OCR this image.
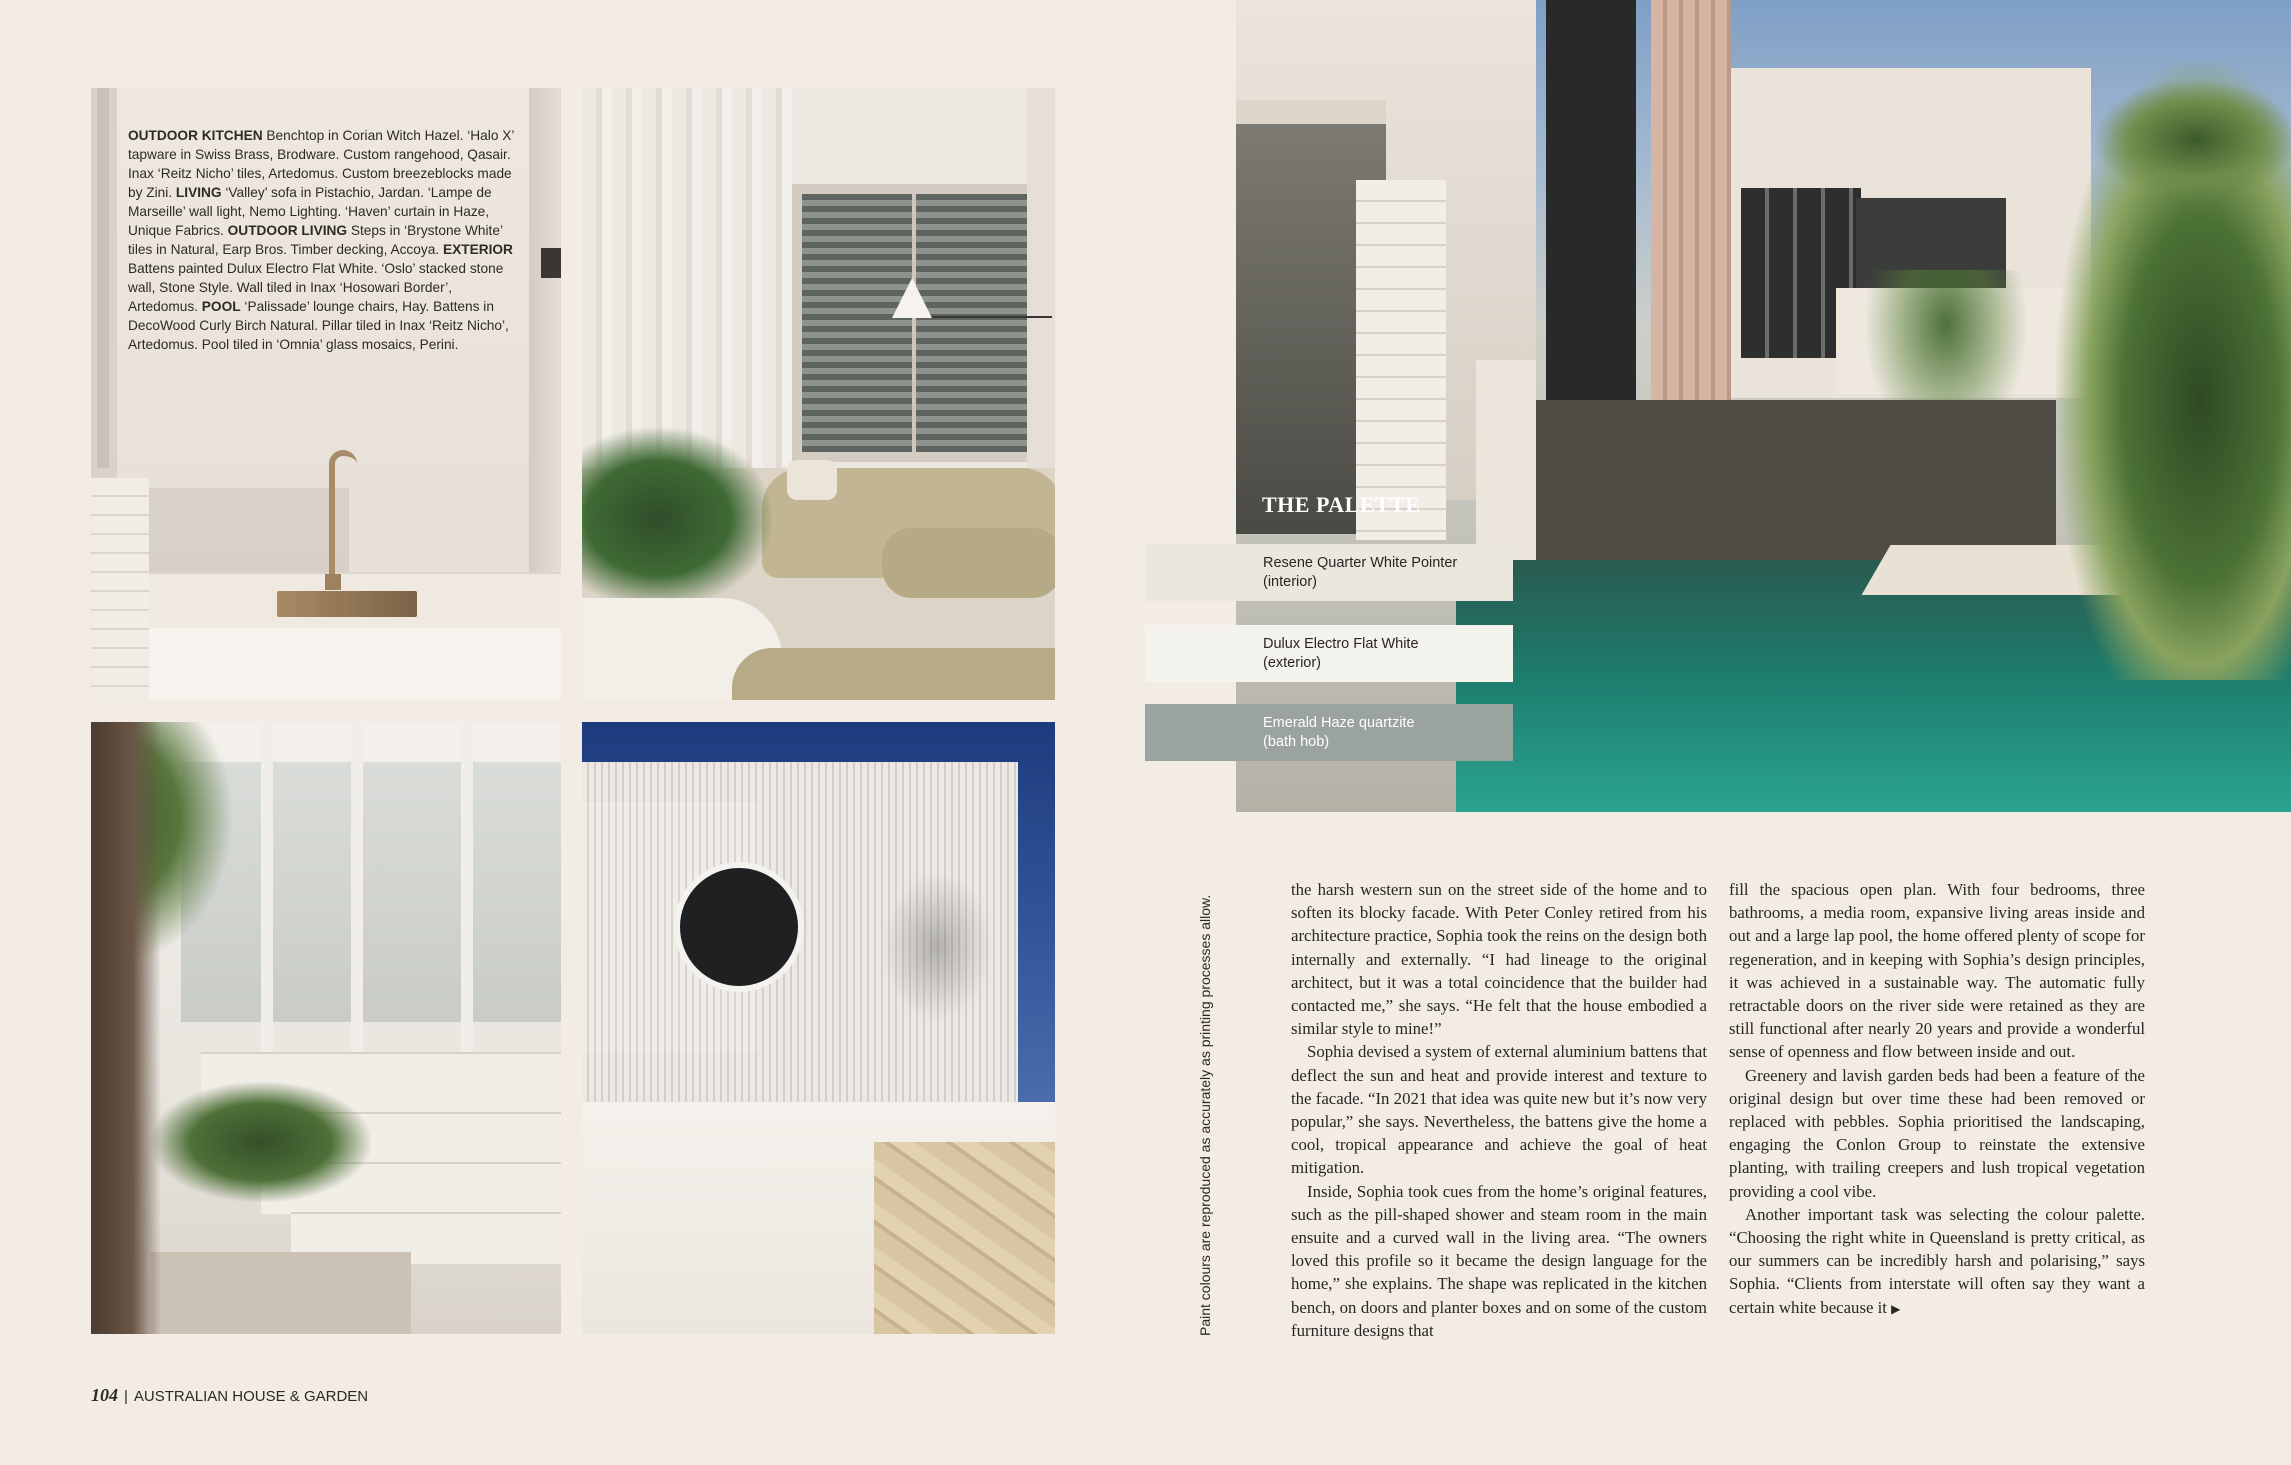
OUTDOOR KITCHEN Benchtop in Corian Witch Hazel. ‘Halo X’ tapware in Swiss Brass, Brodware. Custom rangehood, Qasair. Inax ‘Reitz Nicho’ tiles, Artedomus. Custom breezeblocks made by Zini. LIVING ‘Valley’ sofa in Pistachio, Jardan. ‘Lampe de Marseille’ wall light, Nemo Lighting. ‘Haven’ curtain in Haze, Unique Fabrics. OUTDOOR LIVING Steps in ‘Brystone White’ tiles in Natural, Earp Bros. Timber decking, Accoya. EXTERIOR Battens painted Dulux Electro Flat White. ‘Oslo’ stacked stone wall, Stone Style. Wall tiled in Inax ‘Hosowari Border’, Artedomus. POOL ‘Palissade’ lounge chairs, Hay. Battens in DecoWood Curly Birch Natural. Pillar tiled in Inax ‘Reitz Nicho’, Artedomus. Pool tiled in ‘Omnia’ glass mosaics, Perini.

THE PALETTE
Resene Quarter White Pointer
(interior)
Dulux Electro Flat White
(exterior)
Emerald Haze quartzite
(bath hob)

Paint colours are reproduced as accurately as printing processes allow.

the harsh western sun on the street side of the home and to soften its blocky facade. With Peter Conley retired from his architecture practice, Sophia took the reins on the design both internally and externally. “I had lineage to the original architect, but it was a total coincidence that the builder had contacted me,” she says. “He felt that the house embodied a similar style to mine!”

Sophia devised a system of external aluminium battens that deflect the sun and heat and provide interest and texture to the facade. “In 2021 that idea was quite new but it’s now very popular,” she says. Nevertheless, the battens give the home a cool, tropical appearance and achieve the goal of heat mitigation.

Inside, Sophia took cues from the home’s original features, such as the pill-shaped shower and steam room in the main ensuite and a curved wall in the living area. “The owners loved this profile so it became the design language for the home,” she explains. The shape was replicated in the kitchen bench, on doors and planter boxes and on some of the custom furniture designs that

fill the spacious open plan. With four bedrooms, three bathrooms, a media room, expansive living areas inside and out and a large lap pool, the home offered plenty of scope for regeneration, and in keeping with Sophia’s design principles, it was achieved in a sustainable way. The automatic fully retractable doors on the river side were retained as they are still functional after nearly 20 years and provide a wonderful sense of openness and flow between inside and out.

Greenery and lavish garden beds had been a feature of the original design but over time these had been removed or replaced with pebbles. Sophia prioritised the landscaping, engaging the Conlon Group to reinstate the extensive planting, with trailing creepers and lush tropical vegetation providing a cool vibe.

Another important task was selecting the colour palette. “Choosing the right white in Queensland is pretty critical, as our summers can be incredibly harsh and polarising,” says Sophia. “Clients from interstate will often say they want a certain white because it ▶

104 | AUSTRALIAN HOUSE & GARDEN
